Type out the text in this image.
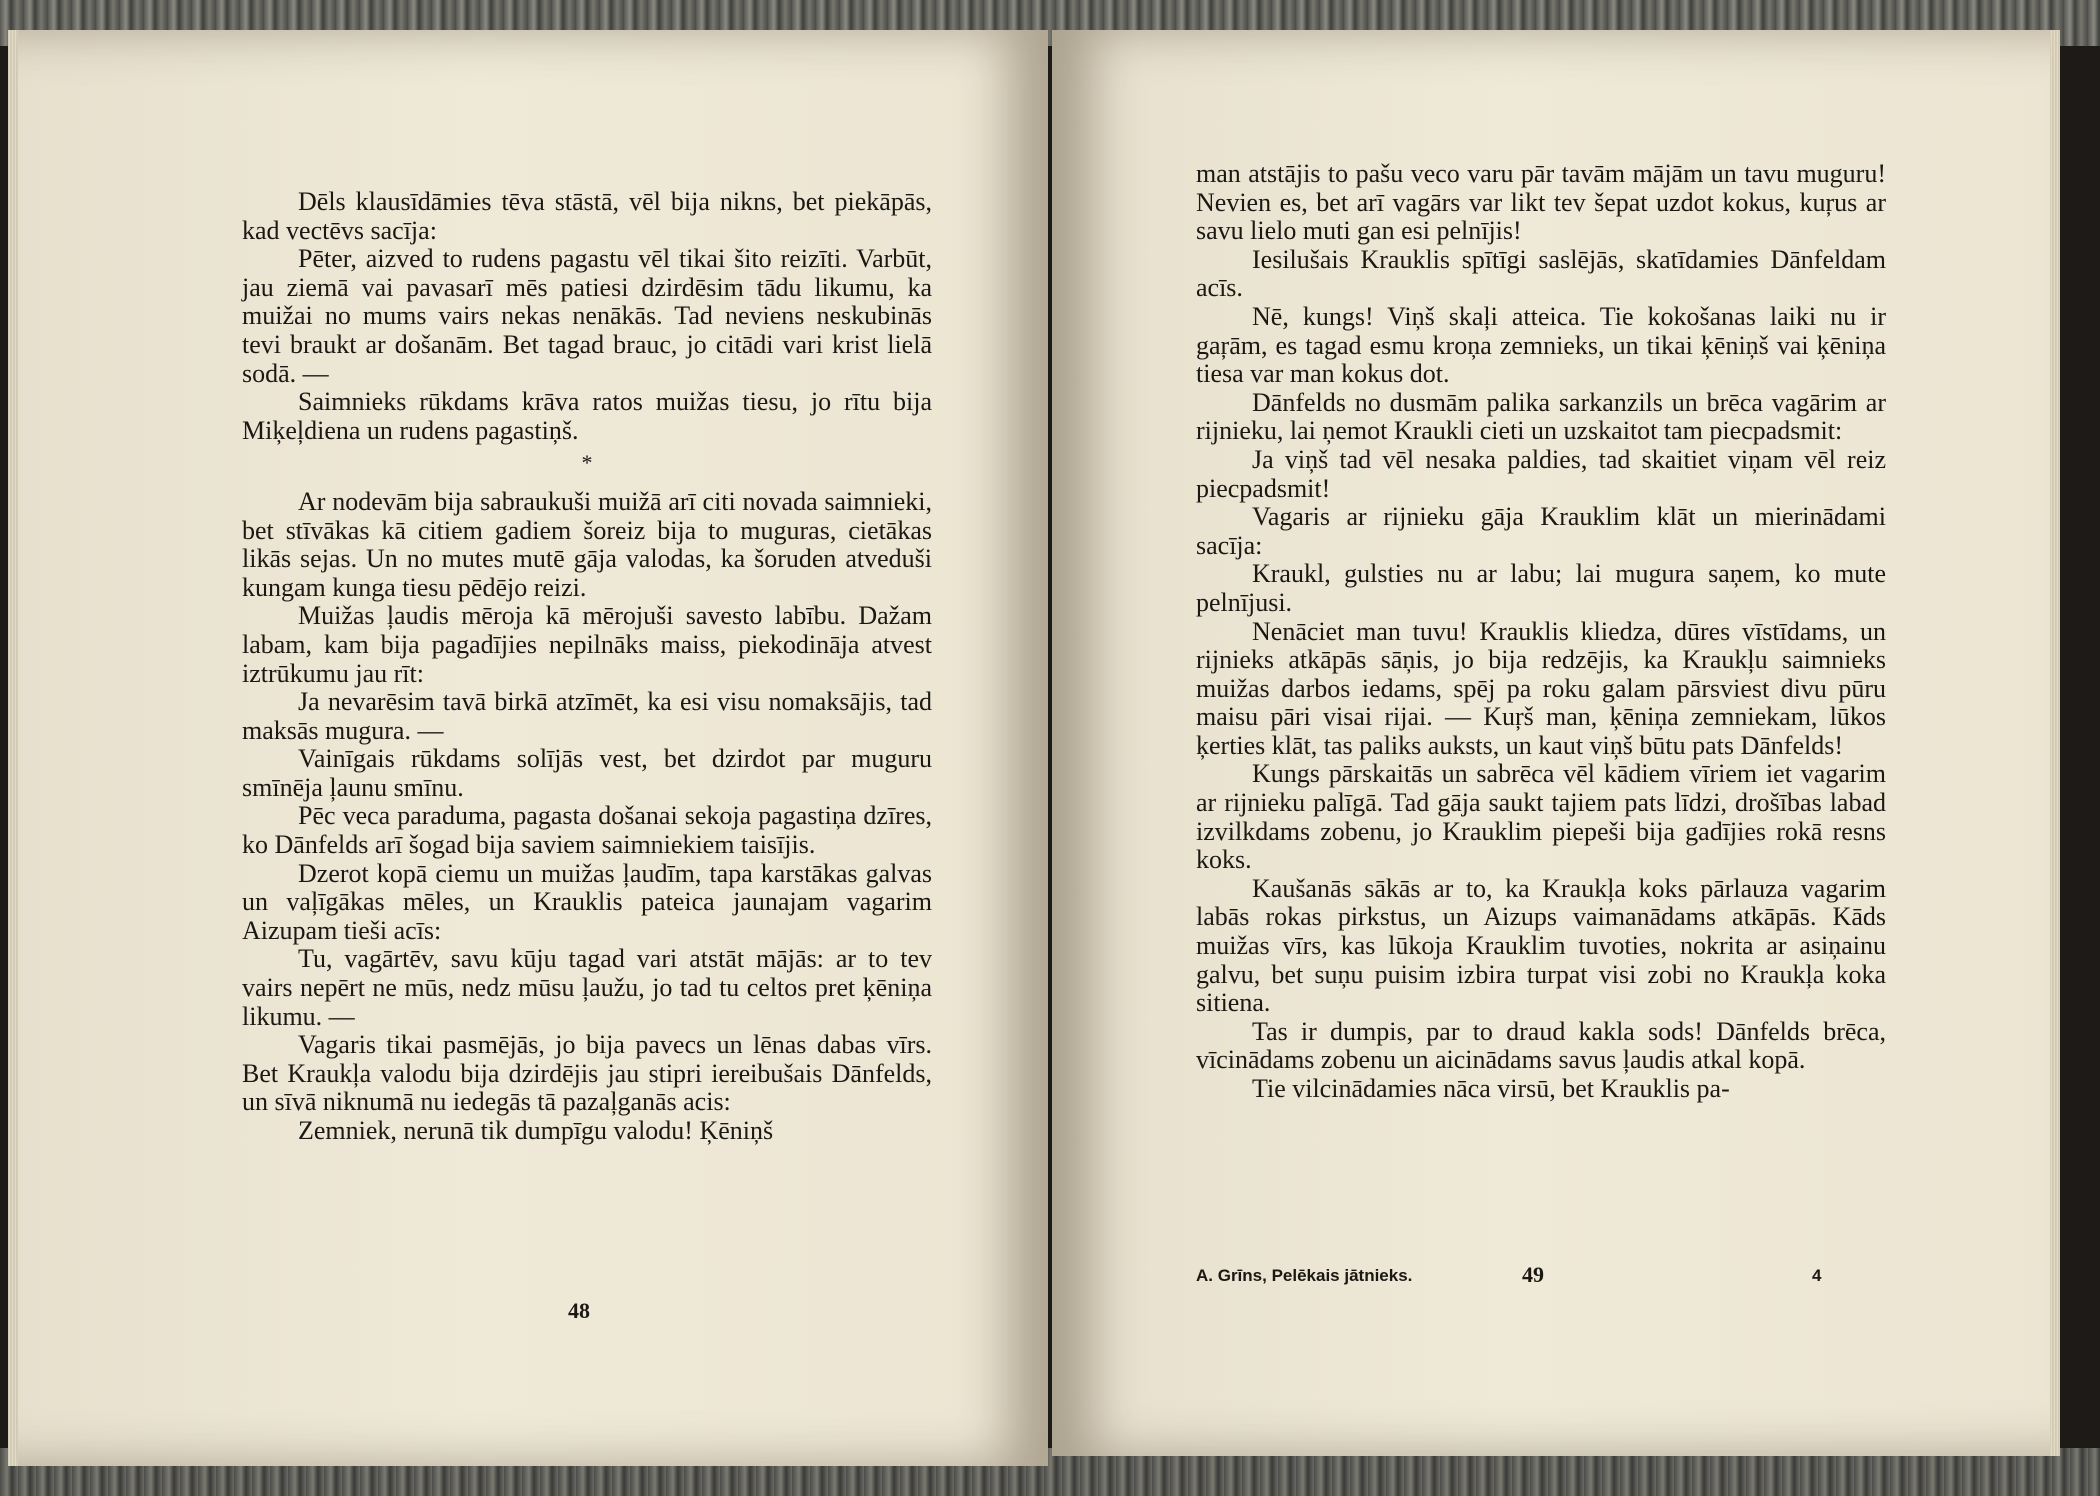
Dēls klausīdāmies tēva stāstā, vēl bija nikns, bet piekāpās, kad vectēvs sacīja:

Pēter, aizved to rudens pagastu vēl tikai šito reizīti. Varbūt, jau ziemā vai pavasarī mēs patiesi dzirdēsim tādu likumu, ka muižai no mums vairs nekas nenākās. Tad neviens neskubinās tevi braukt ar došanām. Bet tagad brauc, jo citādi vari krist lielā sodā. —

Saimnieks rūkdams krāva ratos muižas tiesu, jo rītu bija Miķeļdiena un rudens pagastiņš.

*

Ar nodevām bija sabraukuši muižā arī citi novada saimnieki, bet stīvākas kā citiem gadiem šoreiz bija to muguras, cietākas likās sejas. Un no mutes mutē gāja valodas, ka šoruden atveduši kungam kunga tiesu pēdējo reizi.

Muižas ļaudis mēroja kā mērojuši savesto labību. Dažam labam, kam bija pagadījies nepilnāks maiss, piekodināja atvest iztrūkumu jau rīt:

Ja nevarēsim tavā birkā atzīmēt, ka esi visu nomaksājis, tad maksās mugura. —

Vainīgais rūkdams solījās vest, bet dzirdot par muguru smīnēja ļaunu smīnu.

Pēc veca paraduma, pagasta došanai sekoja pagastiņa dzīres, ko Dānfelds arī šogad bija saviem saimniekiem taisījis.

Dzerot kopā ciemu un muižas ļaudīm, tapa karstākas galvas un vaļīgākas mēles, un Krauklis pateica jaunajam vagarim Aizupam tieši acīs:

Tu, vagārtēv, savu kūju tagad vari atstāt mājās: ar to tev vairs nepērt ne mūs, nedz mūsu ļaužu, jo tad tu celtos pret ķēniņa likumu. —

Vagaris tikai pasmējās, jo bija pavecs un lēnas dabas vīrs. Bet Kraukļa valodu bija dzirdējis jau stipri iereibušais Dānfelds, un sīvā niknumā nu iedegās tā pazaļganās acis:

Zemniek, nerunā tik dumpīgu valodu! Ķēniņš

48

man atstājis to pašu veco varu pār tavām mājām un tavu muguru! Nevien es, bet arī vagārs var likt tev šepat uzdot kokus, kuŗus ar savu lielo muti gan esi pelnījis!

Iesilušais Krauklis spītīgi saslējās, skatīdamies Dānfeldam acīs.

Nē, kungs! Viņš skaļi atteica. Tie kokošanas laiki nu ir gaŗām, es tagad esmu kroņa zemnieks, un tikai ķēniņš vai ķēniņa tiesa var man kokus dot.

Dānfelds no dusmām palika sarkanzils un brēca vagārim ar rijnieku, lai ņemot Kraukli cieti un uzskaitot tam piecpadsmit:

Ja viņš tad vēl nesaka paldies, tad skaitiet viņam vēl reiz piecpadsmit!

Vagaris ar rijnieku gāja Krauklim klāt un mierinādami sacīja:

Kraukl, gulsties nu ar labu; lai mugura saņem, ko mute pelnījusi.

Nenāciet man tuvu! Krauklis kliedza, dūres vīstīdams, un rijnieks atkāpās sāņis, jo bija redzējis, ka Kraukļu saimnieks muižas darbos iedams, spēj pa roku galam pārsviest divu pūru maisu pāri visai rijai. — Kuŗš man, ķēniņa zemniekam, lūkos ķerties klāt, tas paliks auksts, un kaut viņš būtu pats Dānfelds!

Kungs pārskaitās un sabrēca vēl kādiem vīriem iet vagarim ar rijnieku palīgā. Tad gāja saukt tajiem pats līdzi, drošības labad izvilkdams zobenu, jo Krauklim piepeši bija gadījies rokā resns koks.

Kaušanās sākās ar to, ka Kraukļa koks pārlauza vagarim labās rokas pirkstus, un Aizups vaimanādams atkāpās. Kāds muižas vīrs, kas lūkoja Krauklim tuvoties, nokrita ar asiņainu galvu, bet suņu puisim izbira turpat visi zobi no Kraukļa koka sitiena.

Tas ir dumpis, par to draud kakla sods! Dānfelds brēca, vīcinādams zobenu un aicinādams savus ļaudis atkal kopā.

Tie vilcinādamies nāca virsū, bet Krauklis pa-

A. Grīns, Pelēkais jātnieks.	49	4
